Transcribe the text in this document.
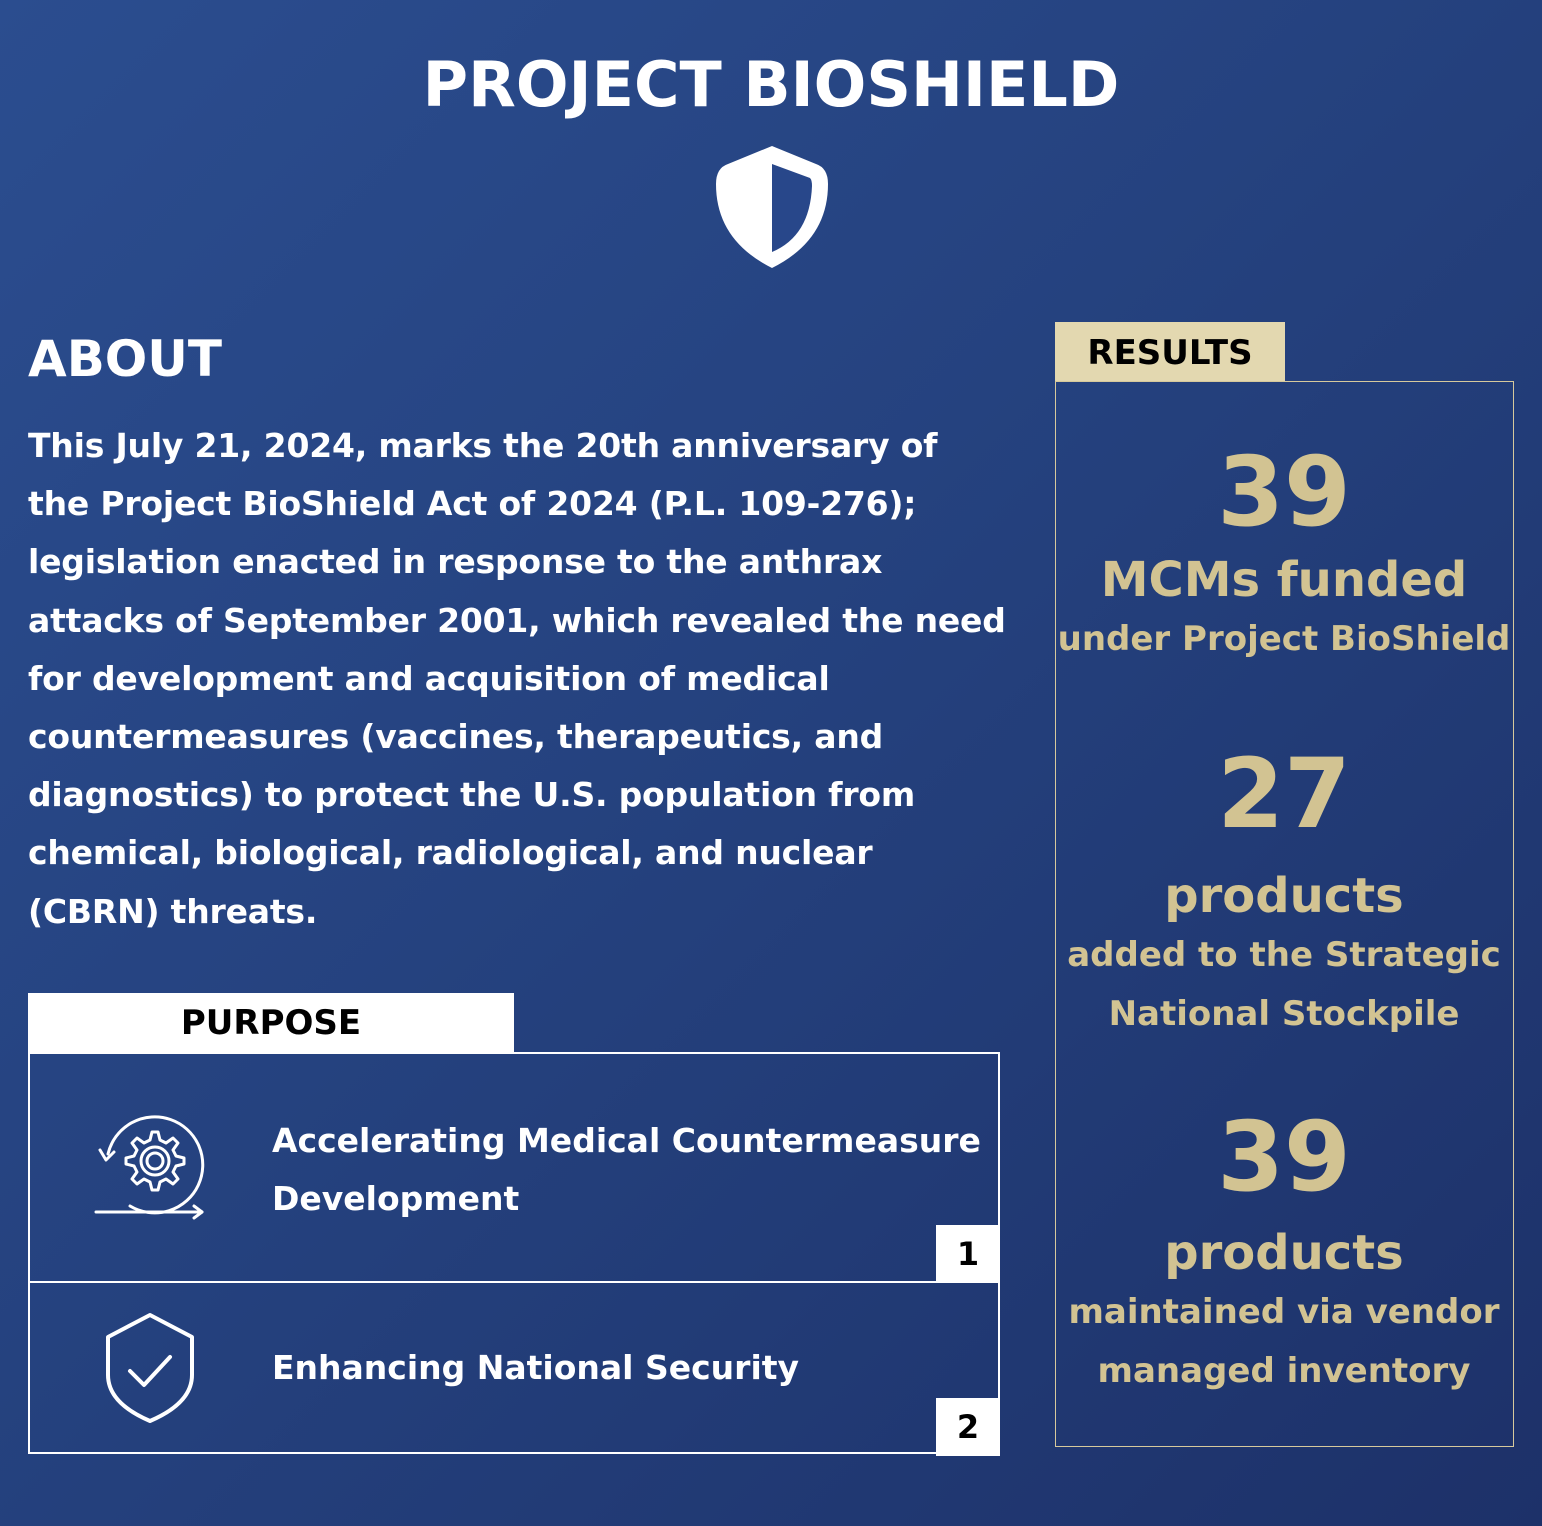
PROJECT BIOSHIELD
ABOUT

This July 21, 2024, marks the 20th anniversary of the Project BioShield Act of 2024 (P.L. 109-276); legislation enacted in response to the anthrax attacks of September 2001, which revealed the need for development and acquisition of medical countermeasures (vaccines, therapeutics, and diagnostics) to protect the U.S. population from chemical, biological, radiological, and nuclear (CBRN) threats.

PURPOSE
Accelerating Medical Countermeasure Development
1
Enhancing National Security
2
RESULTS
39
MCMs funded
under Project BioShield
27
products
added to the Strategic National Stockpile
39
products
maintained via vendor managed inventory
